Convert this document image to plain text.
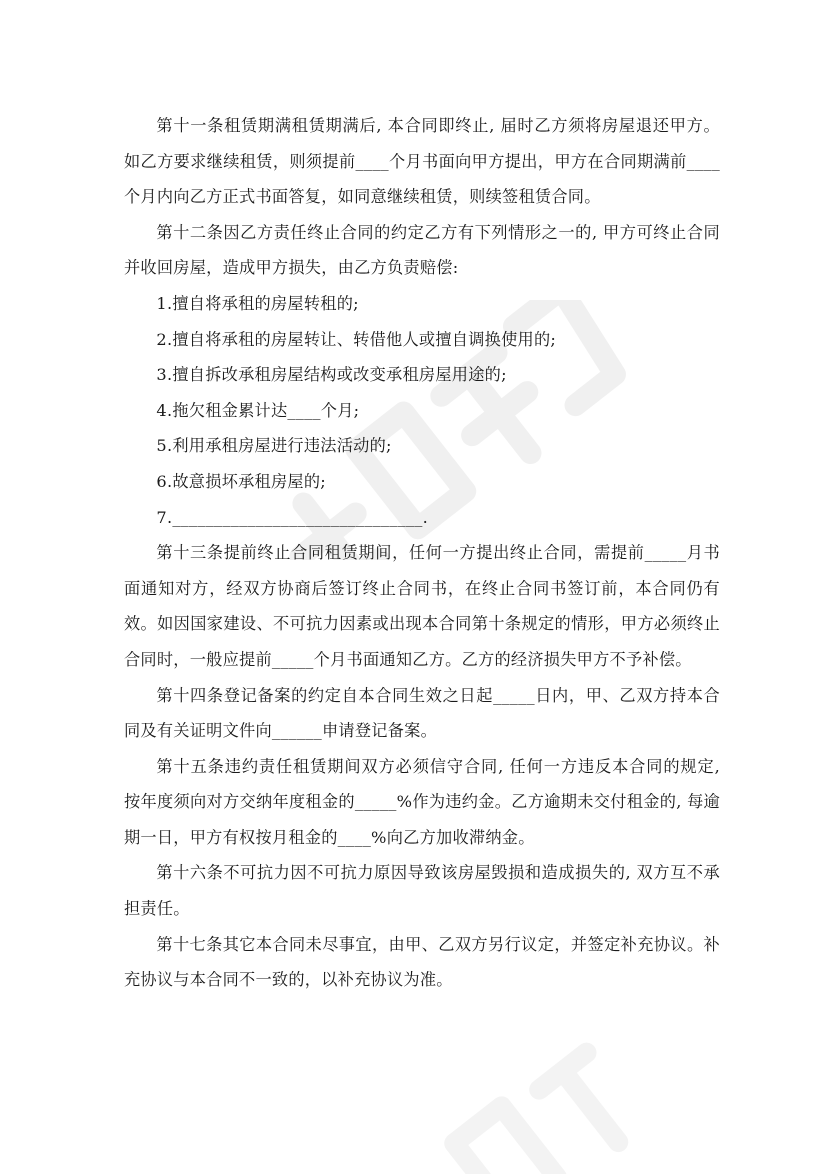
第十一条租赁期满租赁期满后, 本合同即终止, 届时乙方须将房屋退还甲方。如乙方要求继续租赁，则须提前____个月书面向甲方提出，甲方在合同期满前____个月内向乙方正式书面答复，如同意继续租赁，则续签租赁合同。

第十二条因乙方责任终止合同的约定乙方有下列情形之一的, 甲方可终止合同并收回房屋，造成甲方损失，由乙方负责赔偿:

1.擅自将承租的房屋转租的;

2.擅自将承租的房屋转让、转借他人或擅自调换使用的;

3.擅自拆改承租房屋结构或改变承租房屋用途的;

4.拖欠租金累计达____个月;

5.利用承租房屋进行违法活动的;

6.故意损坏承租房屋的;

7.______________________________.

第十三条提前终止合同租赁期间，任何一方提出终止合同，需提前_____月书面通知对方，经双方协商后签订终止合同书，在终止合同书签订前，本合同仍有效。如因国家建设、不可抗力因素或出现本合同第十条规定的情形，甲方必须终止合同时，一般应提前_____个月书面通知乙方。乙方的经济损失甲方不予补偿。

第十四条登记备案的约定自本合同生效之日起_____日内，甲、乙双方持本合同及有关证明文件向______申请登记备案。

第十五条违约责任租赁期间双方必须信守合同, 任何一方违反本合同的规定, 按年度须向对方交纳年度租金的_____%作为违约金。乙方逾期未交付租金的, 每逾期一日，甲方有权按月租金的____%向乙方加收滞纳金。

第十六条不可抗力因不可抗力原因导致该房屋毁损和造成损失的, 双方互不承担责任。

第十七条其它本合同未尽事宜，由甲、乙双方另行议定，并签定补充协议。补充协议与本合同不一致的，以补充协议为准。
